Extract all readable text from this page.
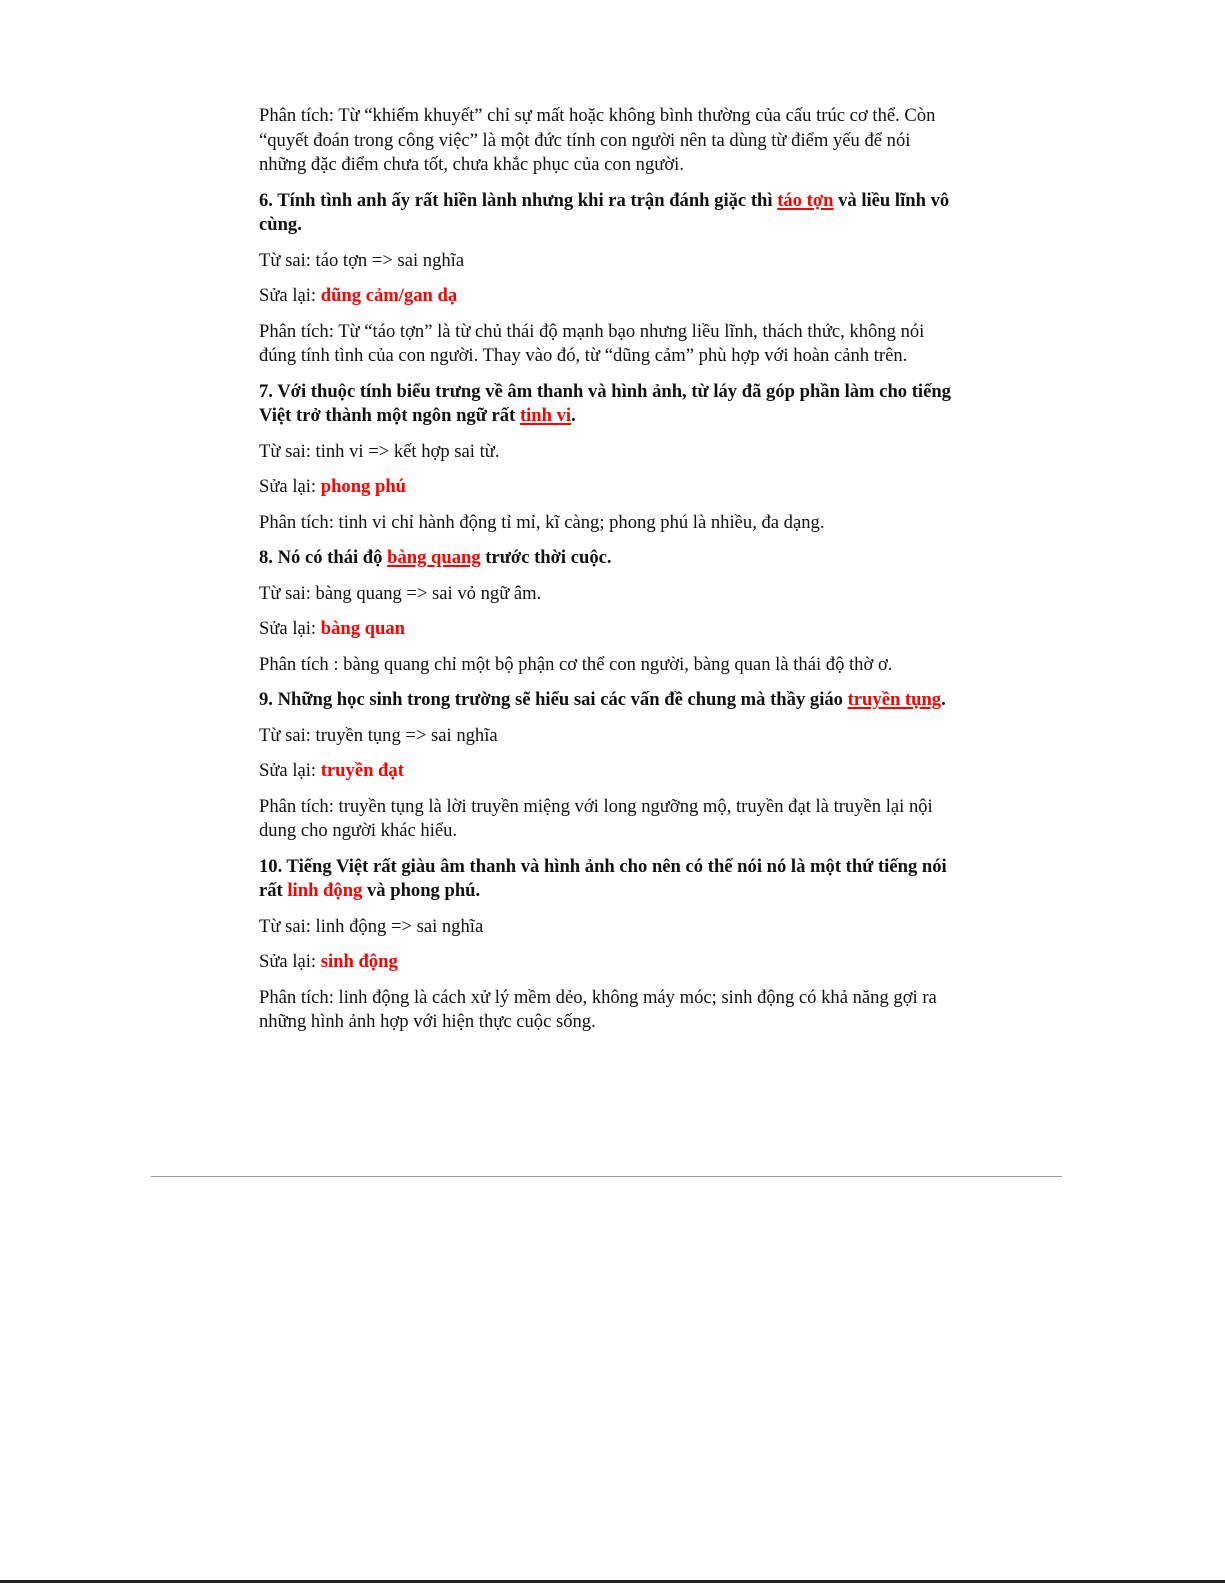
Phân tích: Từ “khiếm khuyết” chỉ sự mất hoặc không bình thường của cấu trúc cơ thể. Còn “quyết đoán trong công việc” là một đức tính con người nên ta dùng từ điểm yếu để nói những đặc điểm chưa tốt, chưa khắc phục của con người.

6. Tính tình anh ấy rất hiền lành nhưng khi ra trận đánh giặc thì táo tợn và liều lĩnh vô cùng.

Từ sai: táo tợn => sai nghĩa

Sửa lại: dũng cảm/gan dạ

Phân tích: Từ “táo tợn” là từ chủ thái độ mạnh bạo nhưng liều lĩnh, thách thức, không nói đúng tính tình của con người. Thay vào đó, từ “dũng cảm” phù hợp với hoàn cảnh trên.

7. Với thuộc tính biểu trưng về âm thanh và hình ảnh, từ láy đã góp phần làm cho tiếng Việt trở thành một ngôn ngữ rất tinh vi.

Từ sai: tinh vi => kết hợp sai từ.

Sửa lại: phong phú

Phân tích: tinh vi chỉ hành động tỉ mỉ, kĩ càng; phong phú là nhiều, đa dạng.

8. Nó có thái độ bàng quang trước thời cuộc.

Từ sai: bàng quang => sai vỏ ngữ âm.

Sửa lại: bàng quan

Phân tích : bàng quang chỉ một bộ phận cơ thể con người, bàng quan là thái độ thờ ơ.

9. Những học sinh trong trường sẽ hiểu sai các vấn đề chung mà thầy giáo truyền tụng.

Từ sai: truyền tụng => sai nghĩa

Sửa lại: truyền đạt

Phân tích: truyền tụng là lời truyền miệng với long ngưỡng mộ, truyền đạt là truyền lại nội dung cho người khác hiểu.

10. Tiếng Việt rất giàu âm thanh và hình ảnh cho nên có thể nói nó là một thứ tiếng nói rất linh động và phong phú.

Từ sai: linh động => sai nghĩa

Sửa lại: sinh động

Phân tích: linh động là cách xử lý mềm dẻo, không máy móc; sinh động có khả năng gợi ra những hình ảnh hợp với hiện thực cuộc sống.
